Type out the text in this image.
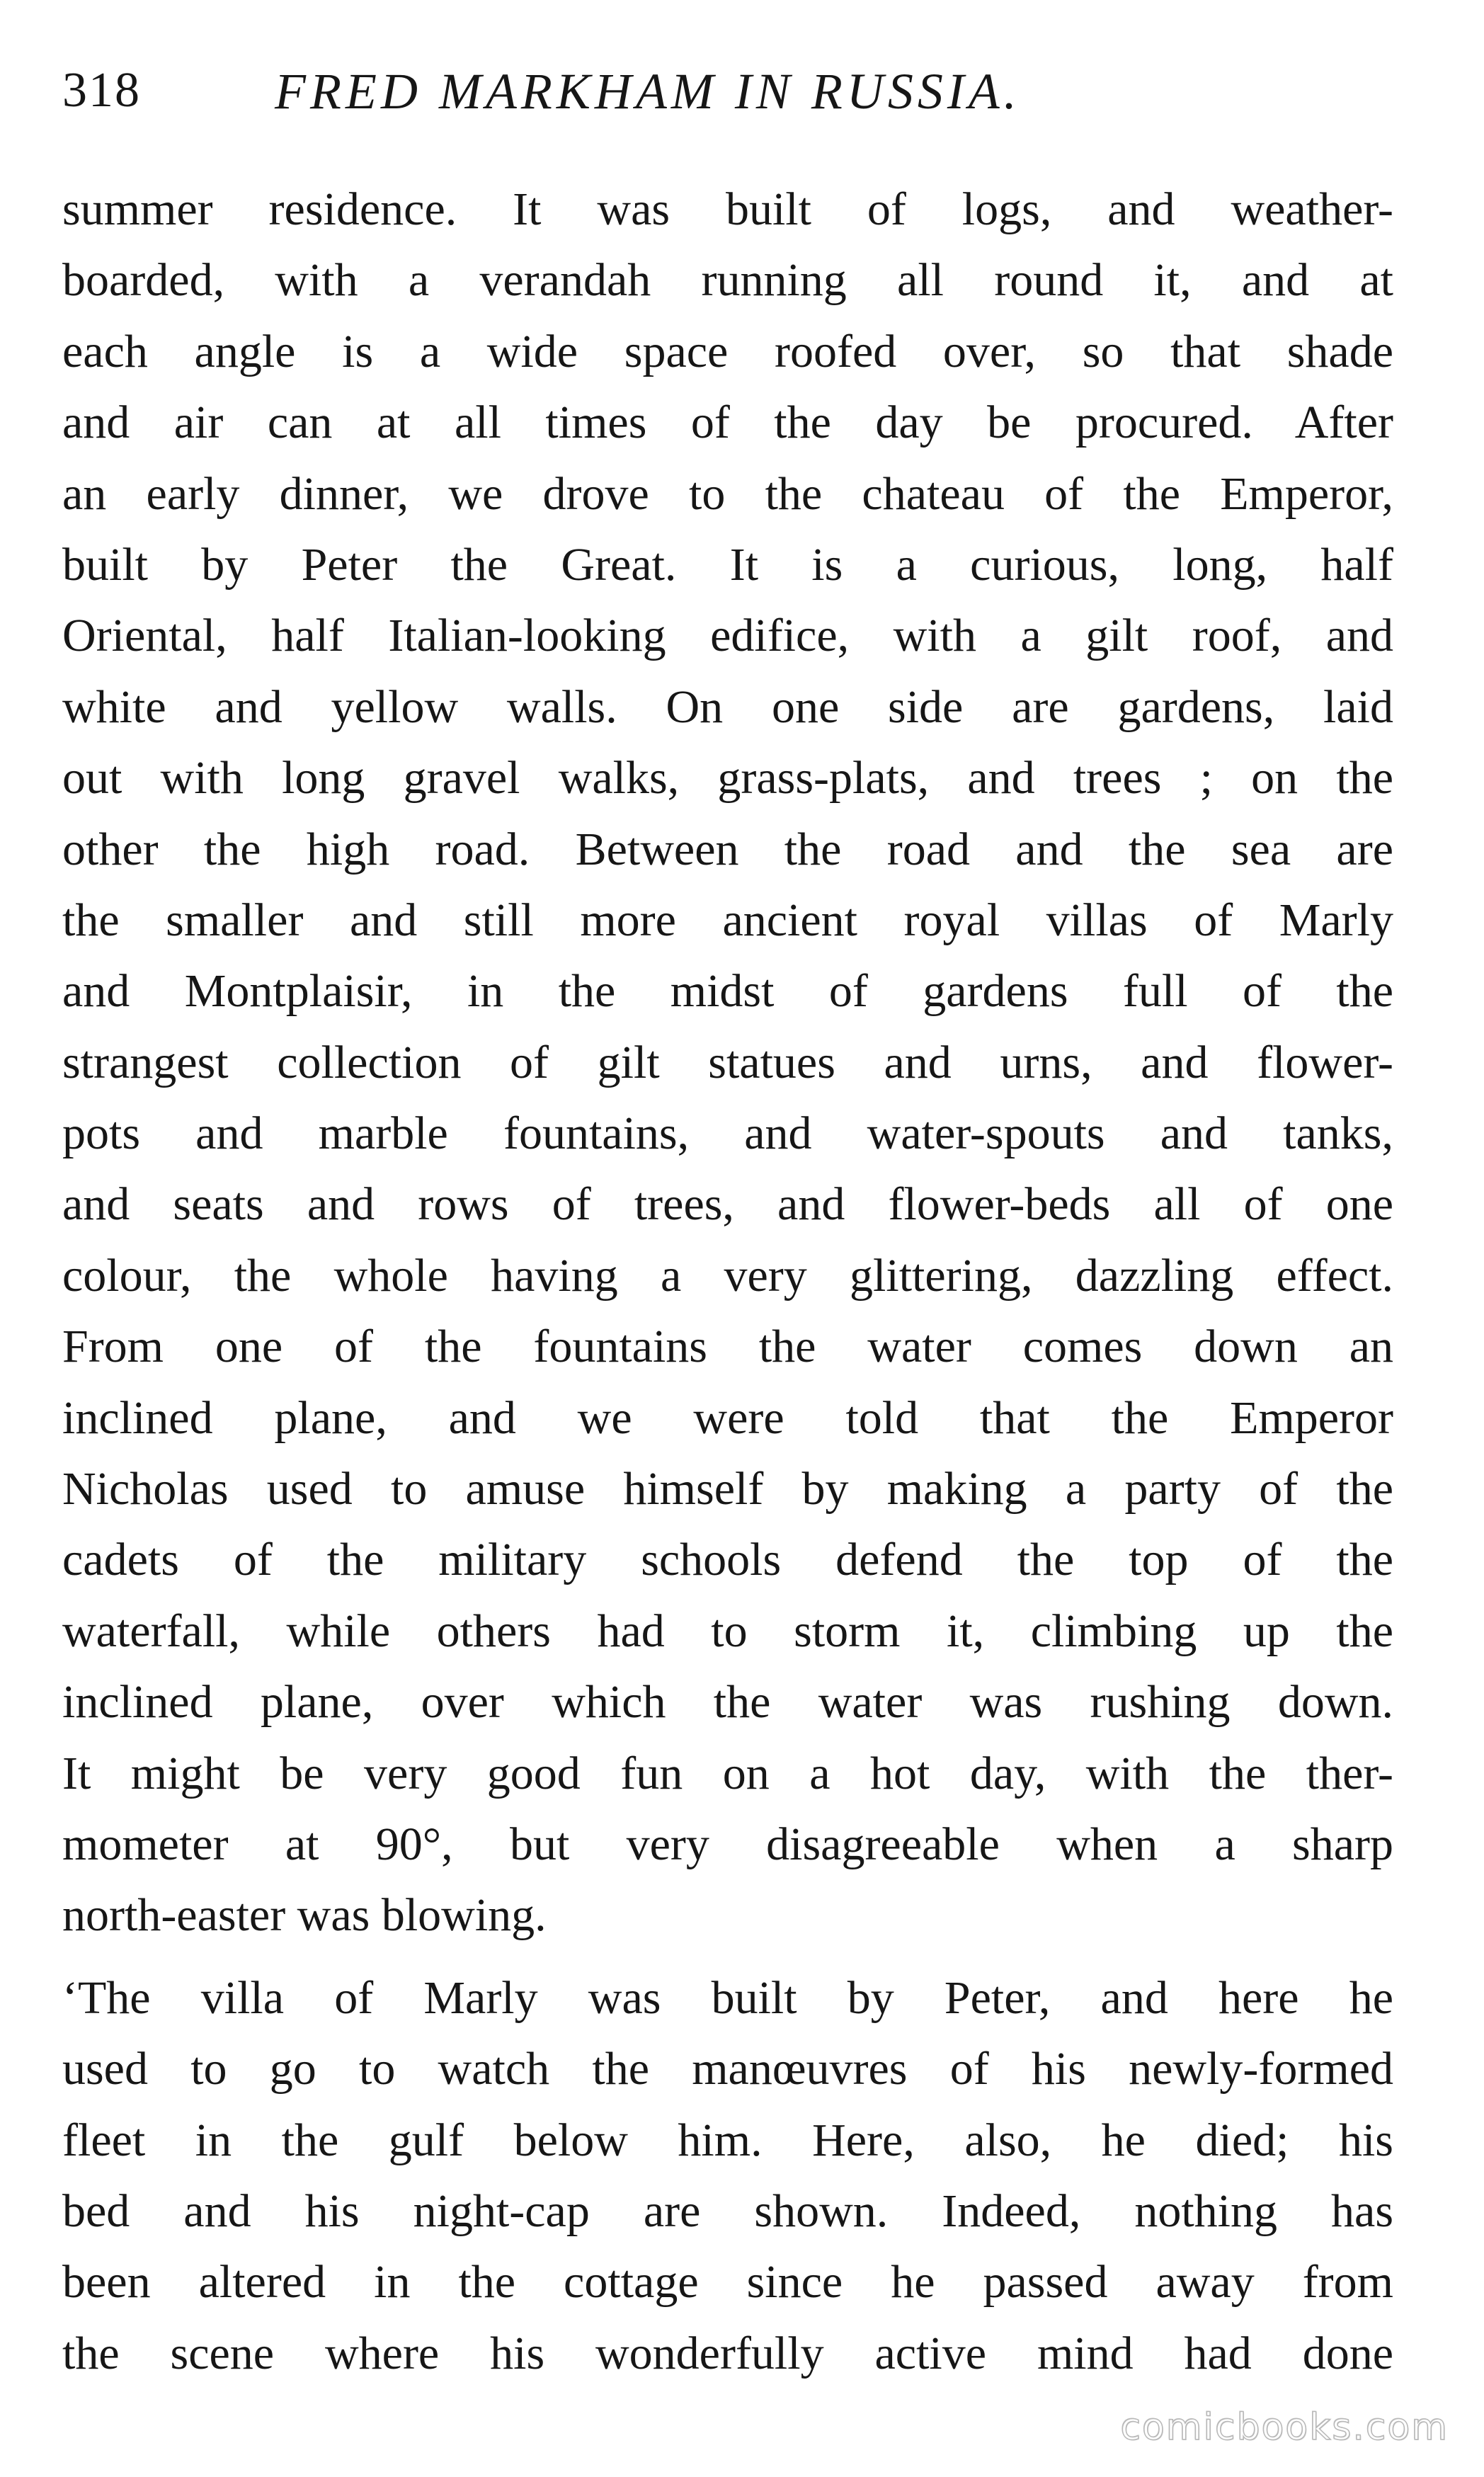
318	FRED MARKHAM IN RUSSIA.
summer residence. It was built of logs, and weather-
boarded, with a verandah running all round it, and at
each angle is a wide space roofed over, so that shade
and air can at all times of the day be procured. After
an early dinner, we drove to the chateau of the Emperor,
built by Peter the Great. It is a curious, long, half
Oriental, half Italian-looking edifice, with a gilt roof, and
white and yellow walls. On one side are gardens, laid
out with long gravel walks, grass-plats, and trees ; on the
other the high road. Between the road and the sea are
the smaller and still more ancient royal villas of Marly
and Montplaisir, in the midst of gardens full of the
strangest collection of gilt statues and urns, and flower-
pots and marble fountains, and water-spouts and tanks,
and seats and rows of trees, and flower-beds all of one
colour, the whole having a very glittering, dazzling effect.
From one of the fountains the water comes down an
inclined plane, and we were told that the Emperor
Nicholas used to amuse himself by making a party of the
cadets of the military schools defend the top of the
waterfall, while others had to storm it, climbing up the
inclined plane, over which the water was rushing down.
It might be very good fun on a hot day, with the ther-
mometer at 90°, but very disagreeable when a sharp
north-easter was blowing.
‘The villa of Marly was built by Peter, and here he
used to go to watch the manœuvres of his newly-formed
fleet in the gulf below him. Here, also, he died; his
bed and his night-cap are shown. Indeed, nothing has
been altered in the cottage since he passed away from
the scene where his wonderfully active mind had done
comicbooks.com
